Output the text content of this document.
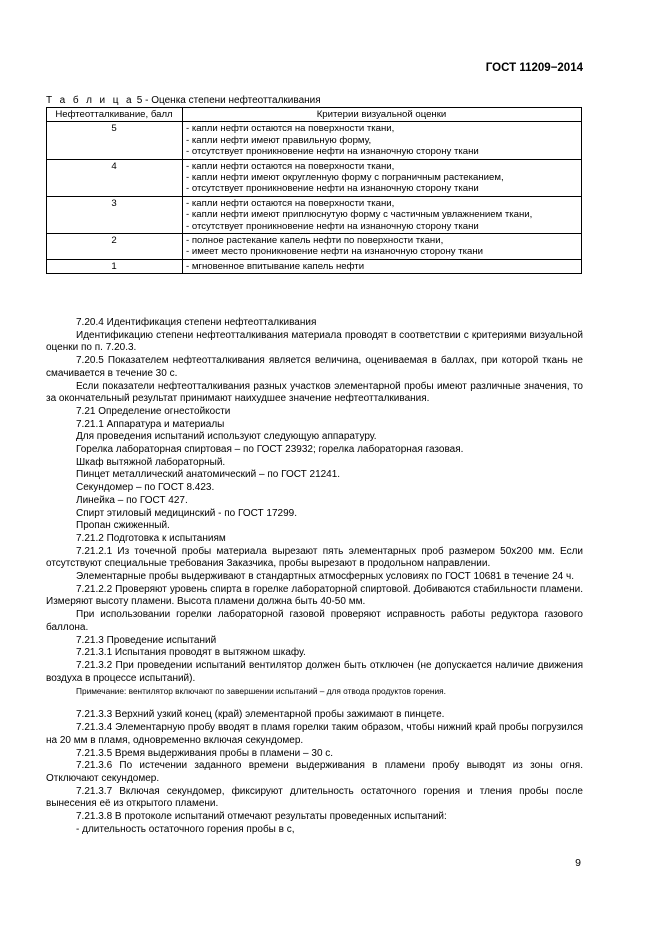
ГОСТ 11209−2014
Т а б л и ц а 5 - Оценка степени нефтеотталкивания
Нефтеотталкивание, балл	Критерии визуальной оценки
5	- капли нефти остаются на поверхности ткани,
- капли нефти имеют правильную форму,
- отсутствует проникновение нефти на изнаночную сторону ткани

4	- капли нефти остаются на поверхности ткани,
- капли нефти имеют округленную форму с пограничным растеканием,
- отсутствует проникновение нефти на изнаночную сторону ткани

3	- капли нефти остаются на поверхности ткани,
- капли нефти имеют приплюснутую форму с частичным увлажнением ткани,
- отсутствует проникновение нефти на изнаночную сторону ткани

2	- полное растекание капель нефти по поверхности ткани,
- имеет место проникновение нефти на изнаночную сторону ткани

1	- мгновенное впитывание капель нефти

7.20.4 Идентификация степени нефтеотталкивания

Идентификацию степени нефтеотталкивания материала проводят в соответствии с критериями визуальной оценки по п. 7.20.3.

7.20.5 Показателем нефтеотталкивания является величина, оцениваемая в баллах, при которой ткань не смачивается в течение 30 с.

Если показатели нефтеотталкивания разных участков элементарной пробы имеют различные значения, то за окончательный результат принимают наихудшее значение нефтеотталкивания.

7.21 Определение огнестойкости

7.21.1 Аппаратура и материалы

Для проведения испытаний используют следующую аппаратуру.

Горелка лабораторная спиртовая – по ГОСТ 23932; горелка лабораторная газовая.

Шкаф вытяжной лабораторный.

Пинцет металлический анатомический – по ГОСТ 21241.

Секундомер – по ГОСТ 8.423.

Линейка – по ГОСТ 427.

Спирт этиловый медицинский - по ГОСТ 17299.

Пропан сжиженный.

7.21.2 Подготовка к испытаниям

7.21.2.1 Из точечной пробы материала вырезают пять элементарных проб размером 50х200 мм. Если отсутствуют специальные требования Заказчика, пробы вырезают в продольном направлении.

Элементарные пробы выдерживают в стандартных атмосферных условиях по ГОСТ 10681 в течение 24 ч.

7.21.2.2 Проверяют уровень спирта в горелке лабораторной спиртовой. Добиваются стабильности пламени. Измеряют высоту пламени. Высота пламени должна быть 40-50 мм.

При использовании горелки лабораторной газовой проверяют исправность работы редуктора газового баллона.

7.21.3 Проведение испытаний

7.21.3.1 Испытания проводят в вытяжном шкафу.

7.21.3.2 При проведении испытаний вентилятор должен быть отключен (не допускается наличие движения воздуха в процессе испытаний).

Примечание: вентилятор включают по завершении испытаний – для отвода продуктов горения.

7.21.3.3 Верхний узкий конец (край) элементарной пробы зажимают в пинцете.

7.21.3.4 Элементарную пробу вводят в пламя горелки таким образом, чтобы нижний край пробы погрузился на 20 мм в пламя, одновременно включая секундомер.

7.21.3.5 Время выдерживания пробы в пламени – 30 с.

7.21.3.6 По истечении заданного времени выдерживания в пламени пробу выводят из зоны огня. Отключают секундомер.

7.21.3.7 Включая секундомер, фиксируют длительность остаточного горения и тления пробы после вынесения её из открытого пламени.

7.21.3.8 В протоколе испытаний отмечают результаты проведенных испытаний:

- длительность остаточного горения пробы в с,

9
